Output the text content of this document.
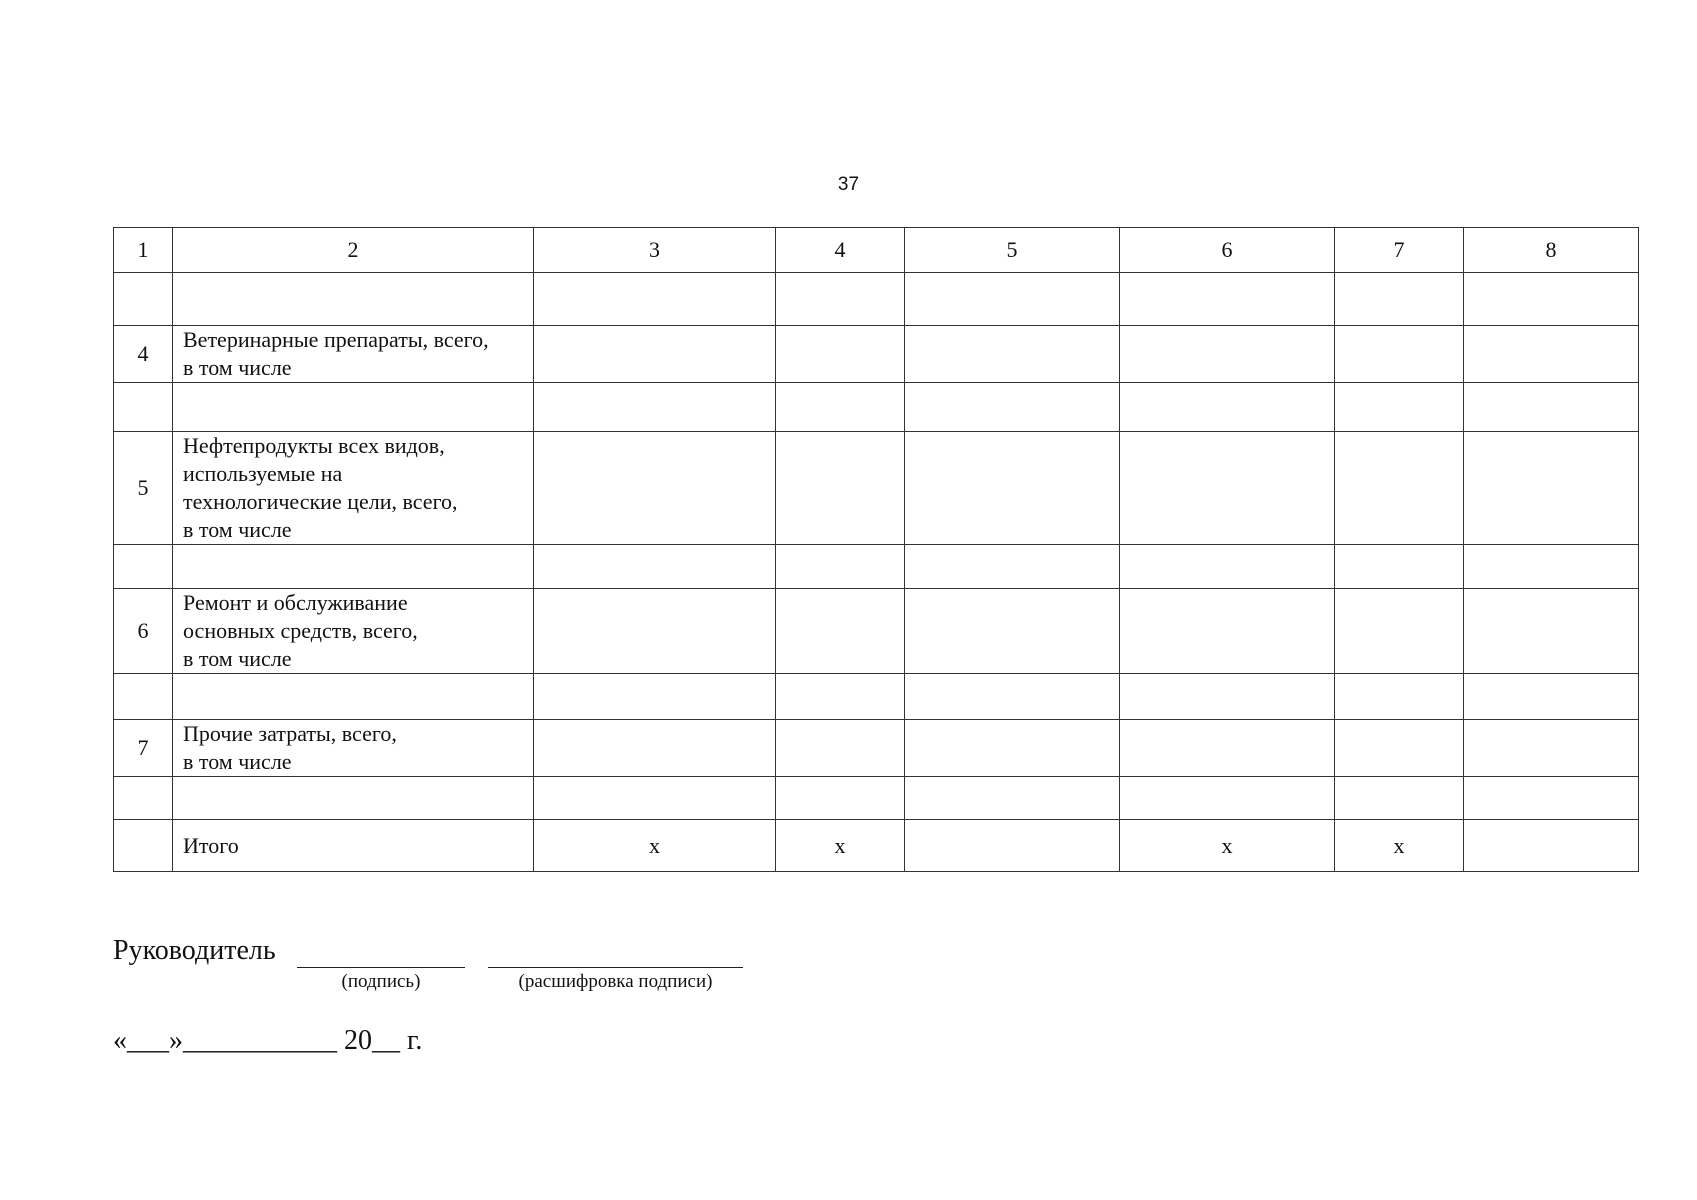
37
1	2	3	4	5	6	7	8

4	Ветеринарные препараты, всего,
в том числе						

5	Нефтепродукты всех видов,
используемые на
технологические цели, всего,
в том числе						

6	Ремонт и обслуживание
основных средств, всего,
в том числе						

7	Прочие затраты, всего,
в том числе						

	Итого	х	х		х	х	
Руководитель
(подпись)	(расшифровка подписи)
«___»___________ 20__ г.
